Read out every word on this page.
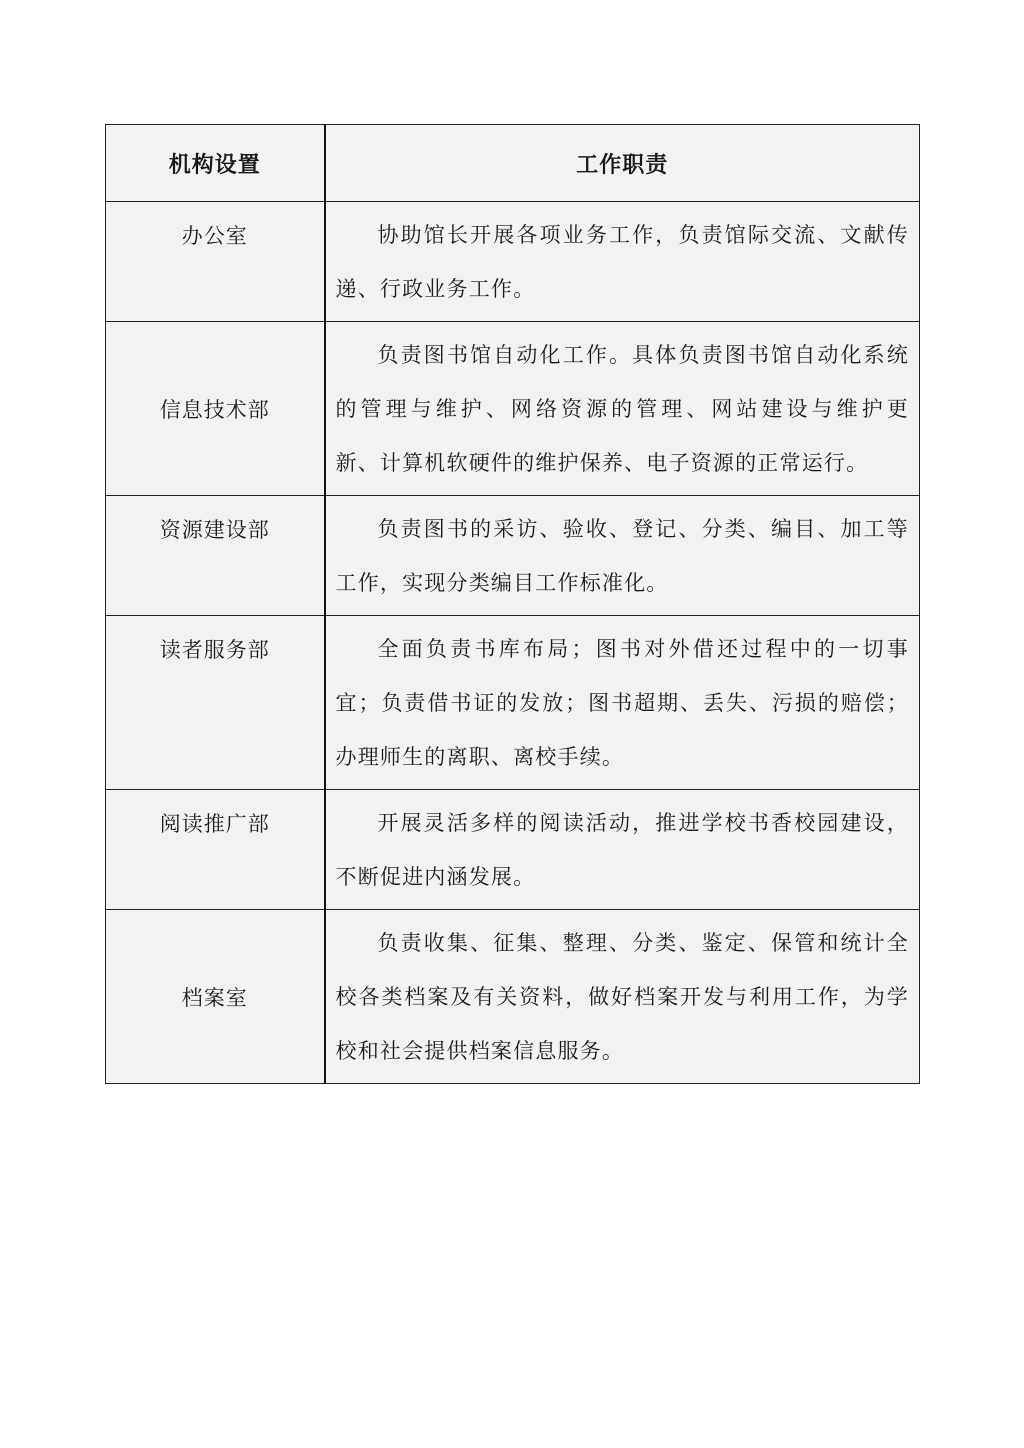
机构设置	工作职责
办公室	协助馆长开展各项业务工作，负责馆际交流、文献传递、行政业务工作。

信息技术部	负责图书馆自动化工作。具体负责图书馆自动化系统的管理与维护、网络资源的管理、网站建设与维护更　新、计算机软硬件的维护保养、电子资源的正常运行。

资源建设部	负责图书的采访、验收、登记、分类、编目、加工等工作，实现分类编目工作标准化。

读者服务部	全面负责书库布局；图书对外借还过程中的一切事宜；负责借书证的发放；图书超期、丢失、污损的赔偿；办理师生的离职、离校手续。

阅读推广部	开展灵活多样的阅读活动，推进学校书香校园建设，不断促进内涵发展。

档案室	负责收集、征集、整理、分类、鉴定、保管和统计全校各类档案及有关资料，做好档案开发与利用工作，为学校和社会提供档案信息服务。
